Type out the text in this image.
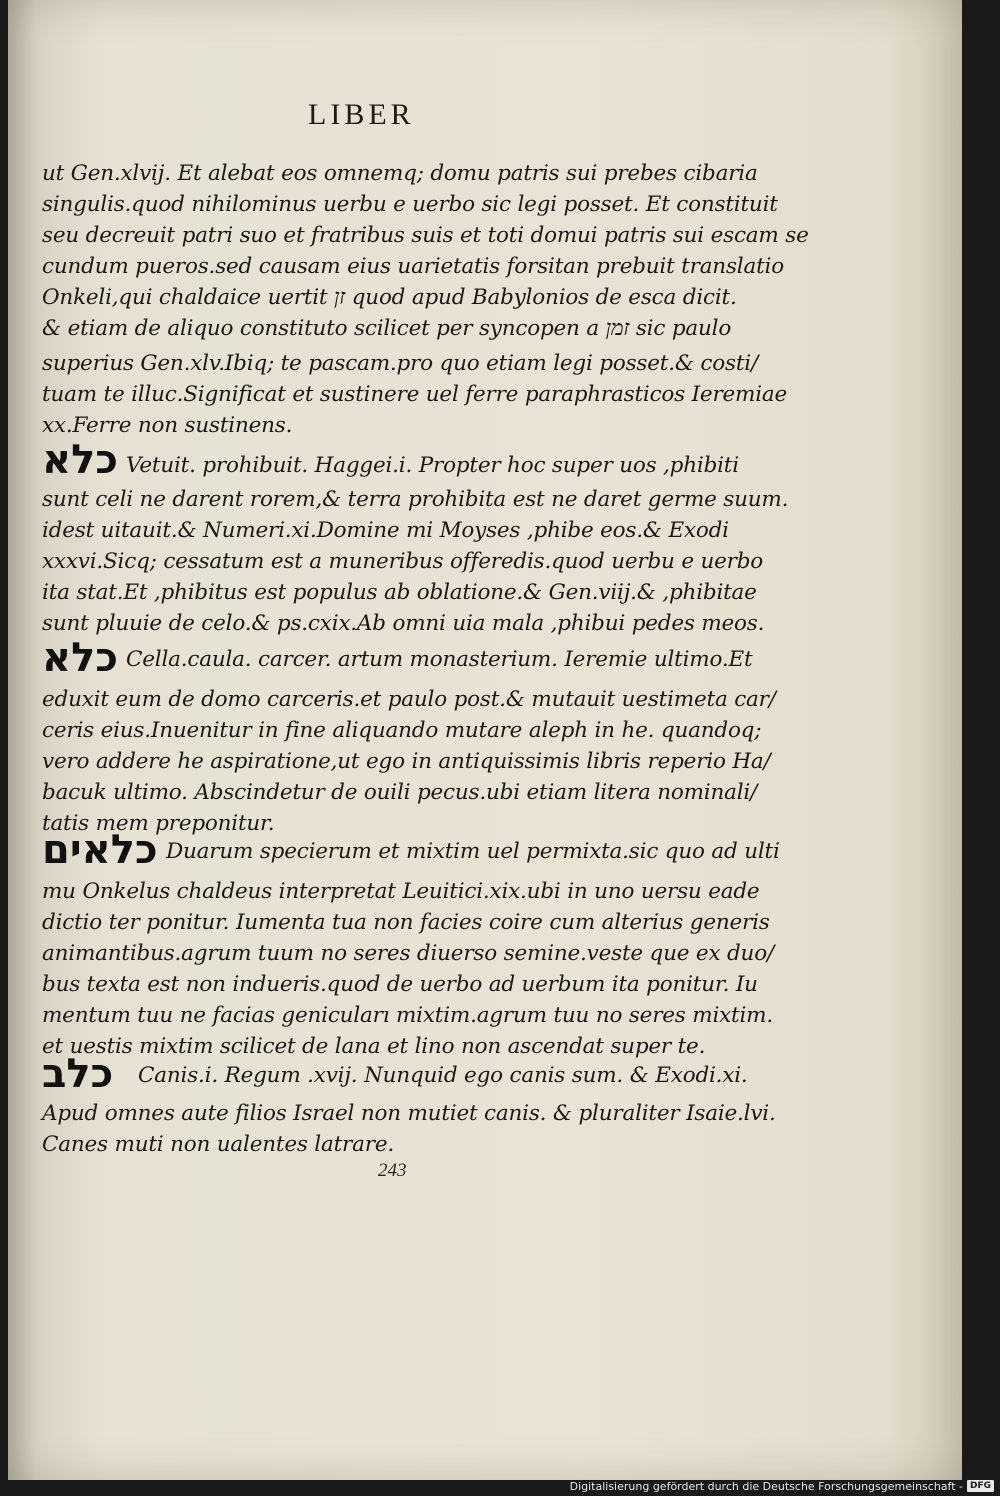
LIBER
ut Gen.xlvij. Et alebat eos omnemq; domu patris sui prebes cibaria
singulis.quod nihilominus uerbu e uerbo sic legi posset. Et constituit
seu decreuit patri suo et fratribus suis et toti domui patris sui escam se
cundum pueros.sed causam eius uarietatis forsitan prebuit translatio
Onkeli,qui chaldaice uertit זן quod apud Babylonios de esca dicit.
& etiam de aliquo constituto scilicet per syncopen a זמן sic paulo
superius Gen.xlv.Ibiq; te pascam.pro quo etiam legi posset.& costi/
tuam te illuc.Significat et sustinere uel ferre paraphrasticos Ieremiae
xx.Ferre non sustinens.
כלא Vetuit. prohibuit. Haggei.i. Propter hoc super uos ,phibiti
sunt celi ne darent rorem,& terra prohibita est ne daret germe suum.
idest uitauit.& Numeri.xi.Domine mi Moyses ,phibe eos.& Exodi
xxxvi.Sicq; cessatum est a muneribus offeredis.quod uerbu e uerbo
ita stat.Et ,phibitus est populus ab oblatione.& Gen.viij.& ,phibitae
sunt pluuie de celo.& ps.cxix.Ab omni uia mala ,phibui pedes meos.
כלא Cella.caula. carcer. artum monasterium. Ieremie ultimo.Et
eduxit eum de domo carceris.et paulo post.& mutauit uestimeta car/
ceris eius.Inuenitur in fine aliquando mutare aleph in he. quandoq;
vero addere he aspiratione,ut ego in antiquissimis libris reperio Ha/
bacuk ultimo. Abscindetur de ouili pecus.ubi etiam litera nominali/
tatis mem preponitur.
כלאים Duarum specierum et mixtim uel permixta.sic quo ad ulti
mu Onkelus chaldeus interpretat Leuitici.xix.ubi in uno uersu eade
dictio ter ponitur. Iumenta tua non facies coire cum alterius generis
animantibus.agrum tuum no seres diuerso semine.veste que ex duo/
bus texta est non indueris.quod de uerbo ad uerbum ita ponitur. Iu
mentum tuu ne facias genicuları mixtim.agrum tuu no seres mixtim.
et uestis mixtim scilicet de lana et lino non ascendat super te.
כלב Canis.i. Regum .xvij. Nunquid ego canis sum. & Exodi.xi.
Apud omnes aute filios Israel non mutiet canis. & pluraliter Isaie.lvi.
Canes muti non ualentes latrare.
243
Digitalisierung gefördert durch die Deutsche Forschungsgemeinschaft - DFG
